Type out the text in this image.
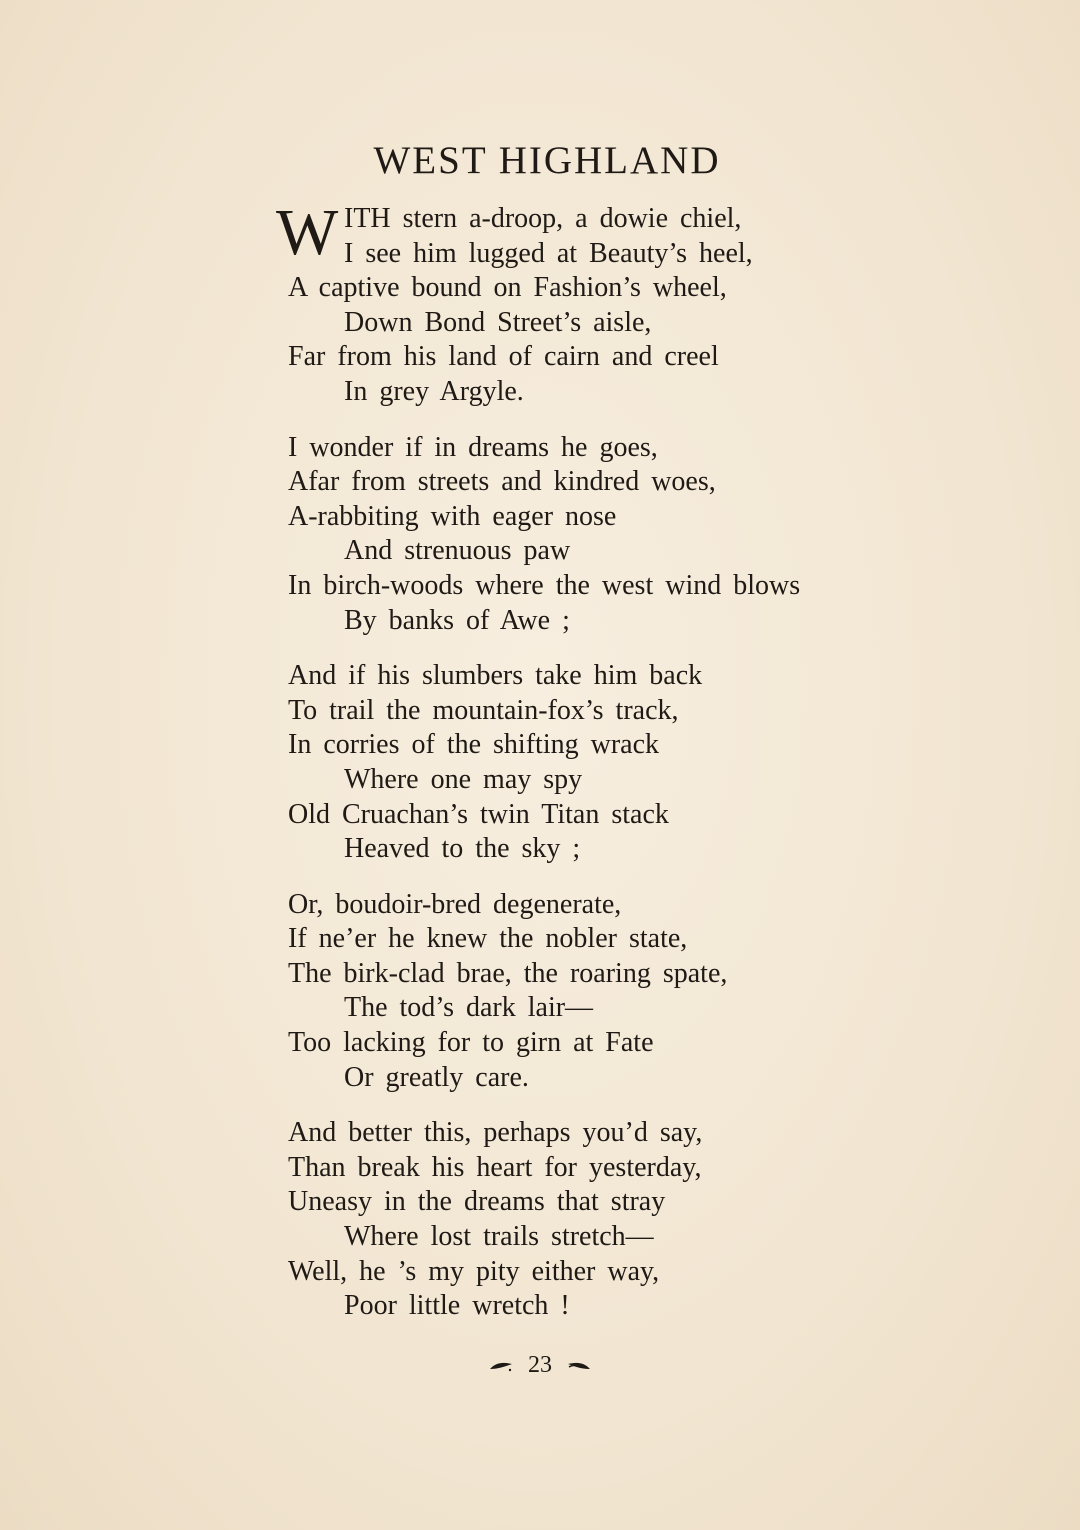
WEST HIGHLAND
W ITH stern a-droop, a dowie chiel,
I see him lugged at Beauty’s heel,
A captive bound on Fashion’s wheel,
Down Bond Street’s aisle,
Far from his land of cairn and creel
In grey Argyle.
I wonder if in dreams he goes,
Afar from streets and kindred woes,
A-rabbiting with eager nose
And strenuous paw
In birch-woods where the west wind blows
By banks of Awe ;
And if his slumbers take him back
To trail the mountain-fox’s track,
In corries of the shifting wrack
Where one may spy
Old Cruachan’s twin Titan stack
Heaved to the sky ;
Or, boudoir-bred degenerate,
If ne’er he knew the nobler state,
The birk-clad brae, the roaring spate,
The tod’s dark lair—
Too lacking for to girn at Fate
Or greatly care.
And better this, perhaps you’d say,
Than break his heart for yesterday,
Uneasy in the dreams that stray
Where lost trails stretch—
Well, he ’s my pity either way,
Poor little wretch !
23
